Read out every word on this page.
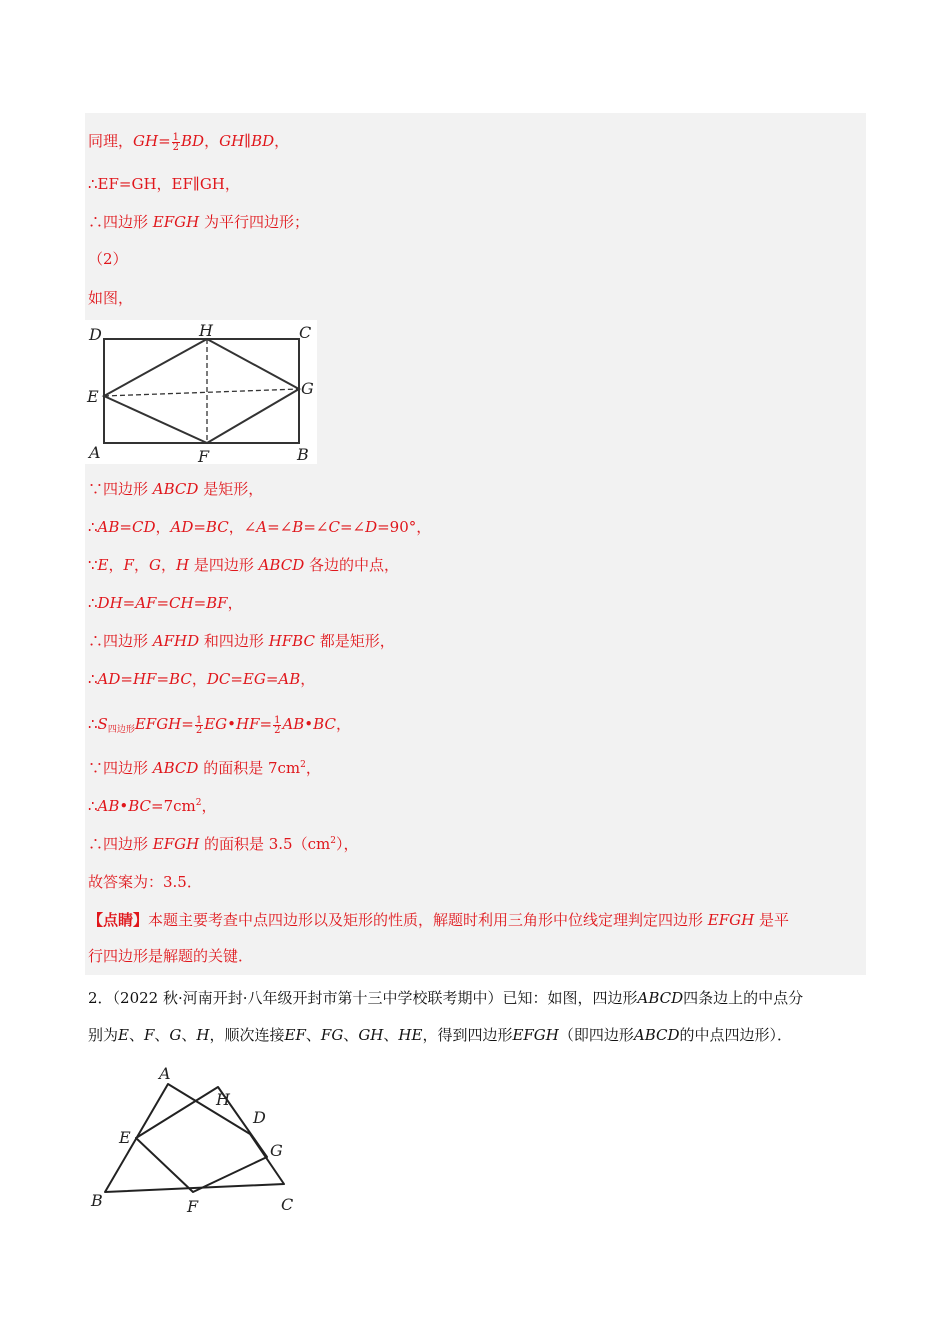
同理，$GH= \frac{1}{2}$ BD，GH∥BD，
∴EF=GH，EF∥GH，
∴四边形 EFGH 为平行四边形；
（2）
如图，
D	H	C
E	G
A	F	B
∵四边形 ABCD 是矩形，
∴AB=CD，AD=BC，∠A=∠B=∠C=∠D=90°，
∵E，F，G，H 是四边形 ABCD 各边的中点，
∴DH=AF=CH=BF，
∴四边形 AFHD 和四边形 HFBC 都是矩形，
∴AD=HF=BC，DC=EG=AB，
$\therefore S_{四边形}EFGH= \frac{1}{2}$ EG•HF= $\frac{1}{2}$ AB•BC，
∵四边形 ABCD 的面积是 $7cm^2$，
$\therefore AB•BC=7cm^2$，
∴四边形 EFGH 的面积是 $3.5(cm^2)$，
故答案为：3.5．
【点睛】本题主要考查中点四边形以及矩形的性质，解题时利用三角形中位线定理判定四边形 EFGH 是平
行四边形是解题的关键．
2．（2022 秋·河南开封·八年级开封市第十三中学校联考期中）已知：如图，四边形ABCD四条边上的中点分
别为E、F、G、H，顺次连接EF、FG、GH、HE，得到四边形EFGH（即四边形ABCD的中点四边形）．
A
H
D
E
G
B	F	C
